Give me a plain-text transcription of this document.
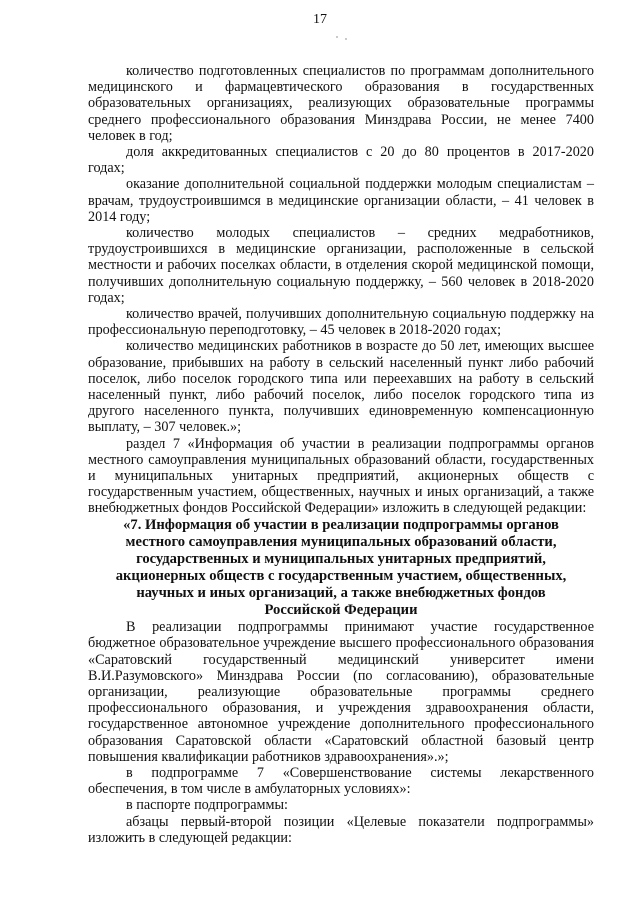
17

количество подготовленных специалистов по программам дополнительного медицинского и фармацевтического образования в государственных образовательных организациях, реализующих образовательные программы среднего профессионального образования Минздрава России, не менее 7400 человек в год;

доля аккредитованных специалистов с 20 до 80 процентов в 2017-2020 годах;

оказание дополнительной социальной поддержки молодым специалистам – врачам, трудоустроившимся в медицинские организации области, – 41 человек в 2014 году;

количество молодых специалистов – средних медработников, трудоустроившихся в медицинские организации, расположенные в сельской местности и рабочих поселках области, в отделения скорой медицинской помощи, получивших дополнительную социальную поддержку, – 560 человек в 2018-2020 годах;

количество врачей, получивших дополнительную социальную поддержку на профессиональную переподготовку, – 45 человек в 2018-2020 годах;

количество медицинских работников в возрасте до 50 лет, имеющих высшее образование, прибывших на работу в сельский населенный пункт либо рабочий поселок, либо поселок городского типа или переехавших на работу в сельский населенный пункт, либо рабочий поселок, либо поселок городского типа из другого населенного пункта, получивших единовременную компенсационную выплату, – 307 человек.»;

раздел 7 «Информация об участии в реализации подпрограммы органов местного самоуправления муниципальных образований области, государственных и муниципальных унитарных предприятий, акционерных обществ с государственным участием, общественных, научных и иных организаций, а также внебюджетных фондов Российской Федерации» изложить в следующей редакции:

«7. Информация об участии в реализации подпрограммы органов
местного самоуправления муниципальных образований области,
государственных и муниципальных унитарных предприятий,
акционерных обществ с государственным участием, общественных,
научных и иных организаций, а также внебюджетных фондов
Российской Федерации

В реализации подпрограммы принимают участие государственное бюджетное образовательное учреждение высшего профессионального образования «Саратовский государственный медицинский университет имени В.И.Разумовского» Минздрава России (по согласованию), образовательные организации, реализующие образовательные программы среднего профессионального образования, и учреждения здравоохранения области, государственное автономное учреждение дополнительного профессионального образования Саратовской области «Саратовский областной базовый центр повышения квалификации работников здравоохранения».»;

в подпрограмме 7 «Совершенствование системы лекарственного обеспечения, в том числе в амбулаторных условиях»:

в паспорте подпрограммы:

абзацы первый-второй позиции «Целевые показатели подпрограммы» изложить в следующей редакции:
